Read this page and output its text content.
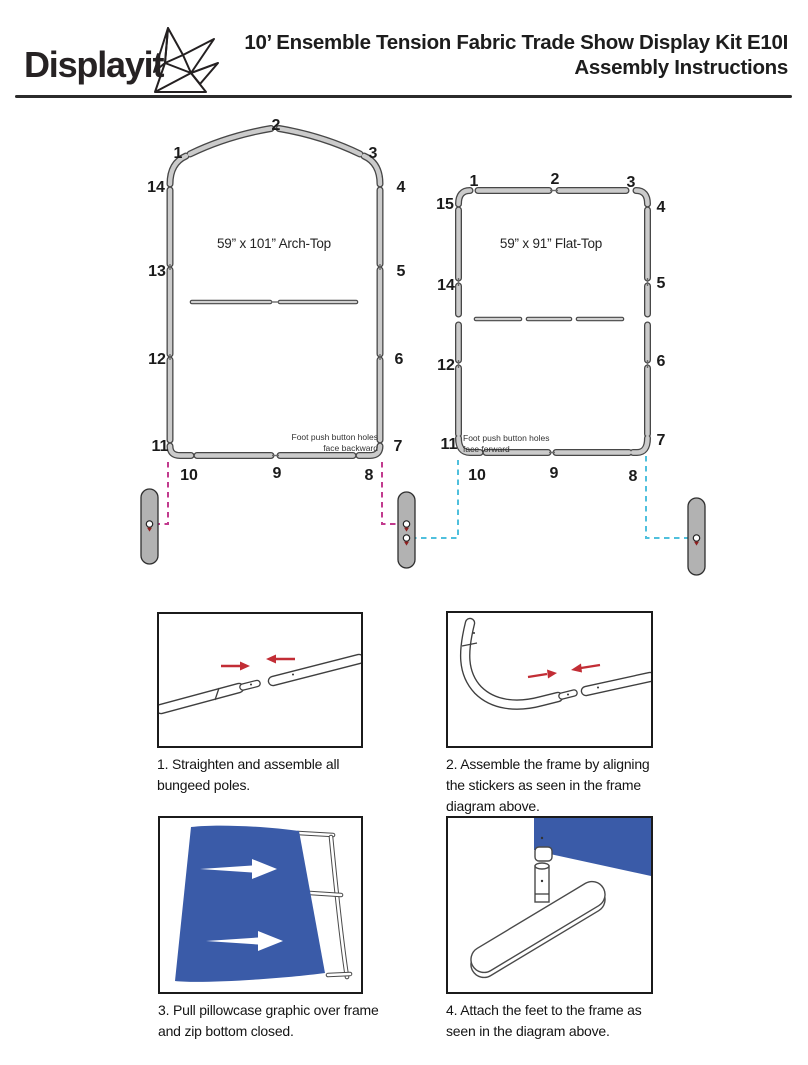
Displayit
10’ Ensemble Tension Fabric Trade Show Display Kit E10I
Assembly Instructions
1
2
3
4
5
6
7
8
9
10
11
12
13
14
59” x 101” Arch-Top
Foot push button holes
face backward
1	2	3
4
5
6
7
8
9
10
11
12
14
15
59” x 91” Flat-Top
Foot push button holes
face forward
1. Straighten and assemble all
bungeed poles.
2. Assemble the frame by aligning
the stickers as seen in the frame
diagram above.
3. Pull pillowcase graphic over frame
and zip bottom closed.
4. Attach the feet to the frame as
seen in the diagram above.
